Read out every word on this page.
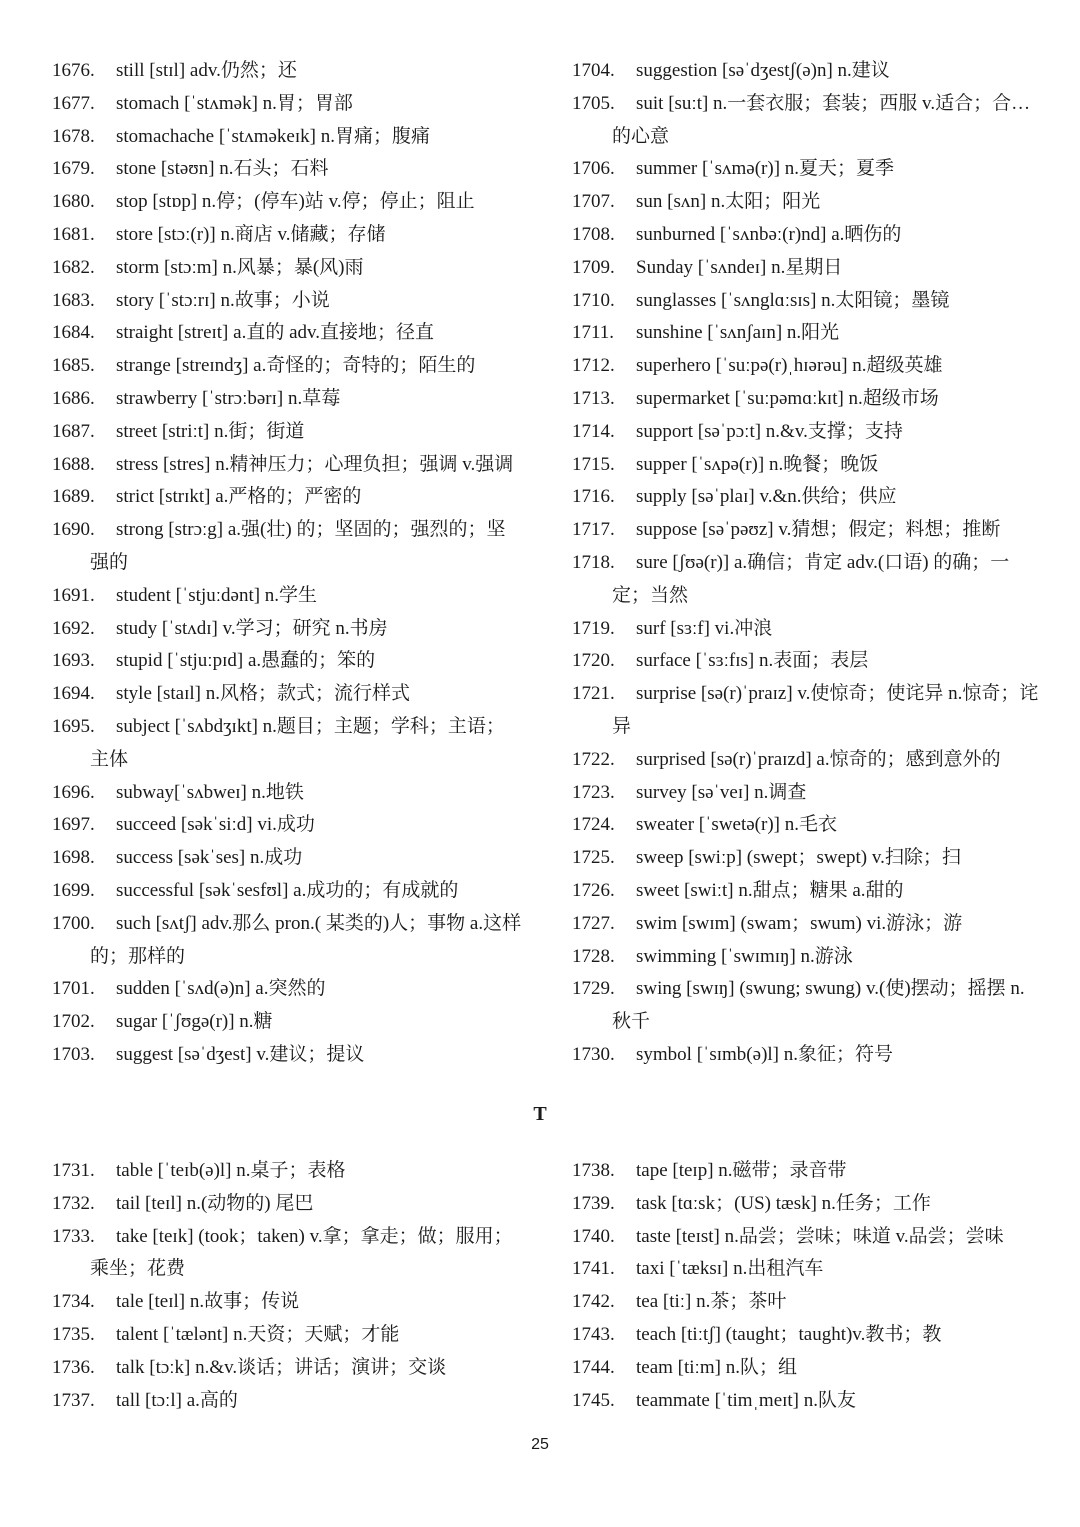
1676. still [stɪl] adv.仍然；还
1677. stomach [ˈstʌmək] n.胃；胃部
1678. stomachache [ˈstʌməkeɪk] n.胃痛；腹痛
1679. stone [stəʊn] n.石头；石料
1680. stop [stɒp] n.停；(停车)站 v.停；停止；阻止
1681. store [stɔː(r)] n.商店 v.储藏；存储
1682. storm [stɔːm] n.风暴；暴(风)雨
1683. story [ˈstɔːrɪ] n.故事；小说
1684. straight [streɪt] a.直的 adv.直接地；径直
1685. strange [streɪndʒ] a.奇怪的；奇特的；陌生的
1686. strawberry [ˈstrɔːbərɪ] n.草莓
1687. street [striːt] n.街；街道
1688. stress [stres] n.精神压力；心理负担；强调 v.强调
1689. strict [strɪkt] a.严格的；严密的
1690. strong [strɔːg] a.强(壮) 的；坚固的；强烈的；坚强的
1691. student [ˈstjuːdənt] n.学生
1692. study [ˈstʌdɪ] v.学习；研究 n.书房
1693. stupid [ˈstjuːpɪd] a.愚蠢的；笨的
1694. style [staɪl] n.风格；款式；流行样式
1695. subject [ˈsʌbdʒɪkt] n.题目；主题；学科；主语；主体
1696. subway[ˈsʌbweɪ] n.地铁
1697. succeed [səkˈsiːd] vi.成功
1698. success [səkˈses] n.成功
1699. successful [səkˈsesfʊl] a.成功的；有成就的
1700. such [sʌtʃ] adv.那么 pron.( 某类的)人；事物 a.这样的；那样的
1701. sudden [ˈsʌd(ə)n] a.突然的
1702. sugar [ˈʃʊgə(r)] n.糖
1703. suggest [səˈdʒest] v.建议；提议
1704. suggestion [səˈdʒestʃ(ə)n] n.建议
1705. suit [suːt] n.一套衣服；套装；西服 v.适合；合…的心意
1706. summer [ˈsʌmə(r)] n.夏天；夏季
1707. sun [sʌn] n.太阳；阳光
1708. sunburned [ˈsʌnbəː(r)nd] a.晒伤的
1709. Sunday [ˈsʌndeɪ] n.星期日
1710. sunglasses [ˈsʌnglɑːsɪs] n.太阳镜；墨镜
1711. sunshine [ˈsʌnʃaɪn] n.阳光
1712. superhero [ˈsuːpə(r)ˌhɪərəu] n.超级英雄
1713. supermarket [ˈsuːpəmɑːkɪt] n.超级市场
1714. support [səˈpɔːt] n.&v.支撑；支持
1715. supper [ˈsʌpə(r)] n.晚餐；晚饭
1716. supply [səˈplaɪ] v.&n.供给；供应
1717. suppose [səˈpəʊz] v.猜想；假定；料想；推断
1718. sure [ʃʊə(r)] a.确信；肯定 adv.(口语) 的确；一定；当然
1719. surf [sɜːf] vi.冲浪
1720. surface [ˈsɜːfɪs] n.表面；表层
1721. surprise [sə(r)ˈpraɪz] v.使惊奇；使诧异 n.惊奇；诧异
1722. surprised [sə(r)ˈpraɪzd] a.惊奇的；感到意外的
1723. survey [səˈveɪ] n.调查
1724. sweater [ˈswetə(r)] n.毛衣
1725. sweep [swiːp] (swept；swept) v.扫除；扫
1726. sweet [swiːt] n.甜点；糖果 a.甜的
1727. swim [swɪm] (swam；swum) vi.游泳；游
1728. swimming [ˈswɪmɪŋ] n.游泳
1729. swing [swɪŋ] (swung; swung) v.(使)摆动；摇摆 n.秋千
1730. symbol [ˈsɪmb(ə)l] n.象征；符号
T
1731. table [ˈteɪb(ə)l] n.桌子；表格
1732. tail [teɪl] n.(动物的) 尾巴
1733. take [teɪk] (took；taken) v.拿；拿走；做；服用；乘坐；花费
1734. tale [teɪl] n.故事；传说
1735. talent [ˈtælənt] n.天资；天赋；才能
1736. talk [tɔːk] n.&v.谈话；讲话；演讲；交谈
1737. tall [tɔːl] a.高的
1738. tape [teɪp] n.磁带；录音带
1739. task [tɑːsk；(US) tæsk] n.任务；工作
1740. taste [teɪst] n.品尝；尝味；味道 v.品尝；尝味
1741. taxi [ˈtæksɪ] n.出租汽车
1742. tea [tiː] n.茶；茶叶
1743. teach [tiːtʃ] (taught；taught)v.教书；教
1744. team [tiːm] n.队；组
1745. teammate [ˈtimˌmeɪt] n.队友
25
